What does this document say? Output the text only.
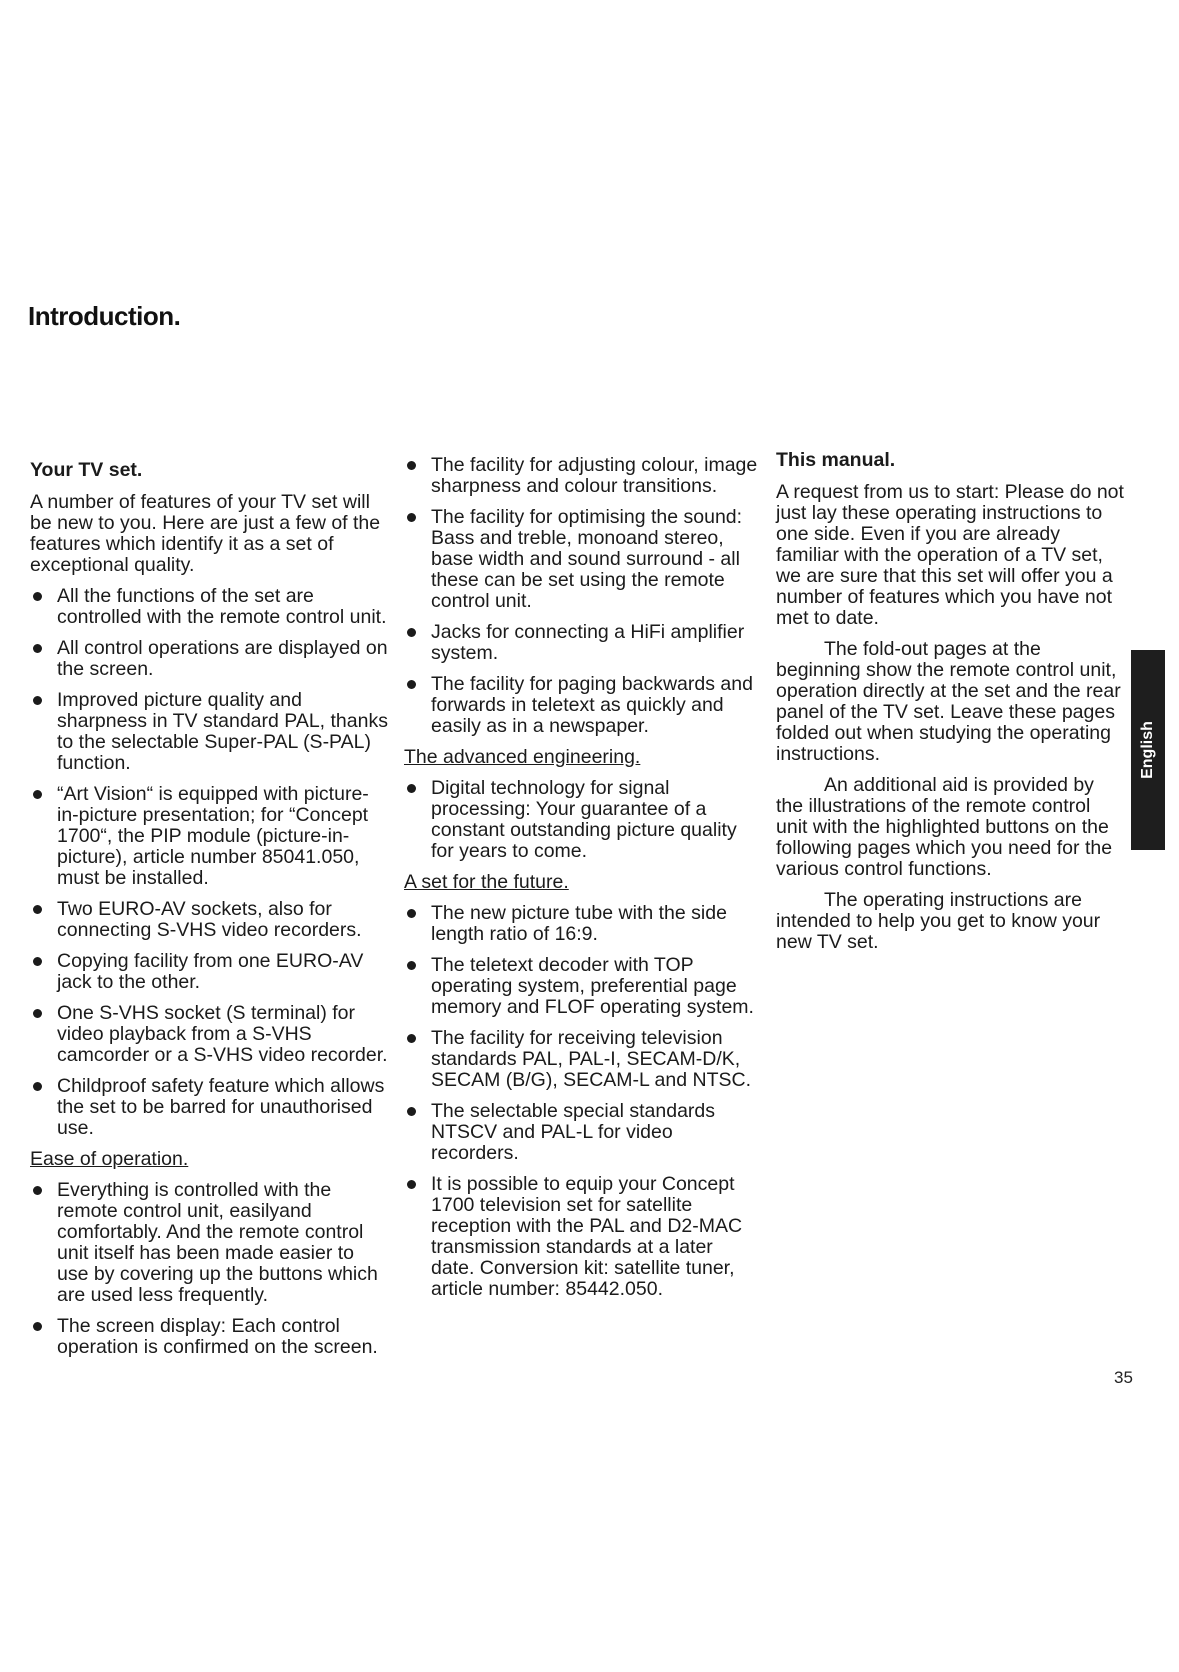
Introduction.
Your TV set.

A number of features of your TV set will be new to you. Here are just a few of the features which identify it as a set of exceptional quality.

All the functions of the set are controlled with the remote control unit.
All control operations are displayed on the screen.
Improved picture quality and sharpness in TV standard PAL, thanks to the selectable Super-PAL (S-PAL) function.
“Art Vision“ is equipped with picture-in-picture presentation; for “Concept 1700“, the PIP module (picture-in-picture), article number 85041.050, must be installed.
Two EURO-AV sockets, also for connecting S-VHS video recorders.
Copying facility from one EURO-AV jack to the other.
One S-VHS socket (S terminal) for video playback from a S-VHS camcorder or a S-VHS video recorder.
Childproof safety feature which allows the set to be barred for unauthorised use.
Ease of operation.
Everything is controlled with the remote control unit, easilyand comfortably. And the remote control unit itself has been made easier to use by covering up the buttons which are used less frequently.
The screen display: Each control operation is confirmed on the screen.
The facility for adjusting colour, image sharpness and colour transitions.
The facility for optimising the sound: Bass and treble, monoand stereo, base width and sound surround - all these can be set using the remote control unit.
Jacks for connecting a HiFi amplifier system.
The facility for paging backwards and forwards in teletext as quickly and easily as in a newspaper.
The advanced engineering.
Digital technology for signal processing: Your guarantee of a constant outstanding picture quality for years to come.
A set for the future.
The new picture tube with the side length ratio of 16:9.
The teletext decoder with TOP operating system, preferential page memory and FLOF operating system.
The facility for receiving television standards PAL, PAL-I, SECAM-D/K, SECAM (B/G), SECAM-L and NTSC.
The selectable special standards NTSCV and PAL-L for video recorders.
It is possible to equip your Concept 1700 television set for satellite reception with the PAL and D2-MAC transmission standards at a later date. Conversion kit: satellite tuner, article number: 85442.050.
This manual.

A request from us to start: Please do not just lay these operating instructions to one side. Even if you are already familiar with the operation of a TV set, we are sure that this set will offer you a number of features which you have not met to date.

The fold-out pages at the beginning show the remote control unit, operation directly at the set and the rear panel of the TV set. Leave these pages folded out when studying the operating instructions.

An additional aid is provided by the illustrations of the remote control unit with the highlighted buttons on the following pages which you need for the various control functions.

The operating instructions are intended to help you get to know your new TV set.

English
35
